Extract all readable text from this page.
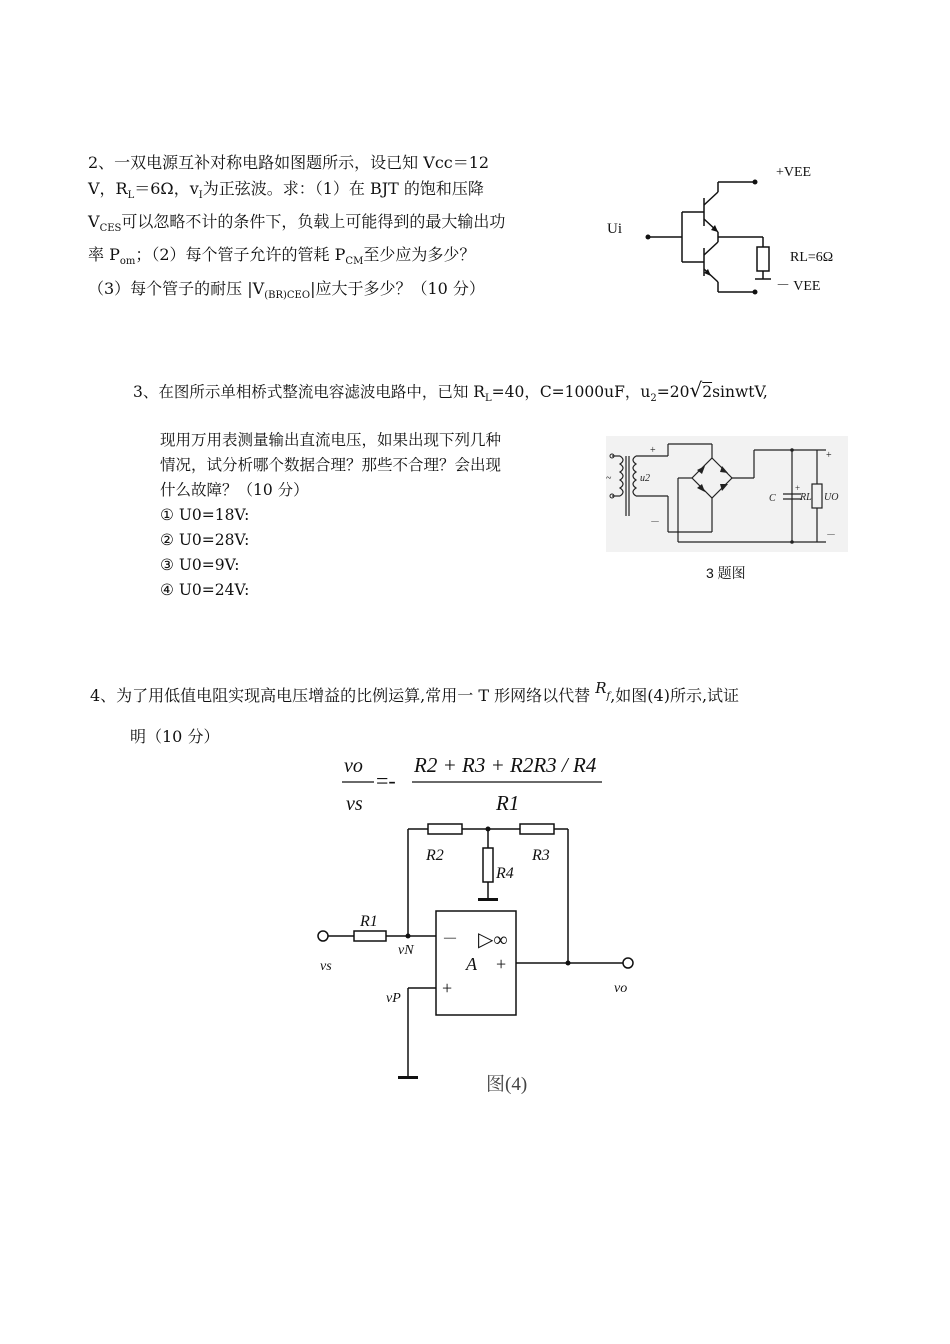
2、一双电源互补对称电路如图题所示，设已知 Vcc＝12
V，$R_L=6\Omega$，$v_I$为正弦波。求：（1）在 BJT 的饱和压降
$V_{CES}$可以忽略不计的条件下，负载上可能得到的最大输出功
率 $P_{om}$；（2）每个管子允许的管耗 $P_{CM}$至少应为多少？
（3）每个管子的耐压 $|V_{(BR)CEO}|$应大于多少？（10 分）
+VEE
Ui
RL=6Ω
－ VEE
3、在图所示单相桥式整流电容滤波电路中，已知 $R_L=40$，C=1000uF，$u_2=20√2sinwtV$,
现用万用表测量输出直流电压，如果出现下列几种
情况，试分析哪个数据合理？那些不合理？会出现
什么故障？（10 分）
① U0=18V:
② U0=28V:
③ U0=9V:
④ U0=24V:
~	u2
+
－
C
+
RL UO
+
－
3 题图
4、为了用低值电阻实现高电压增益的比例运算,常用一 T 形网络以代替 $R_f$,如图(4)所示,试证
明（10 分）
vo
vs
=-
R2 + R3 + R2R3 / R4
R1
R1
R2	R3
R4
vs
vN
vP
vo
－ ▷∞
A +
+
图(4)
